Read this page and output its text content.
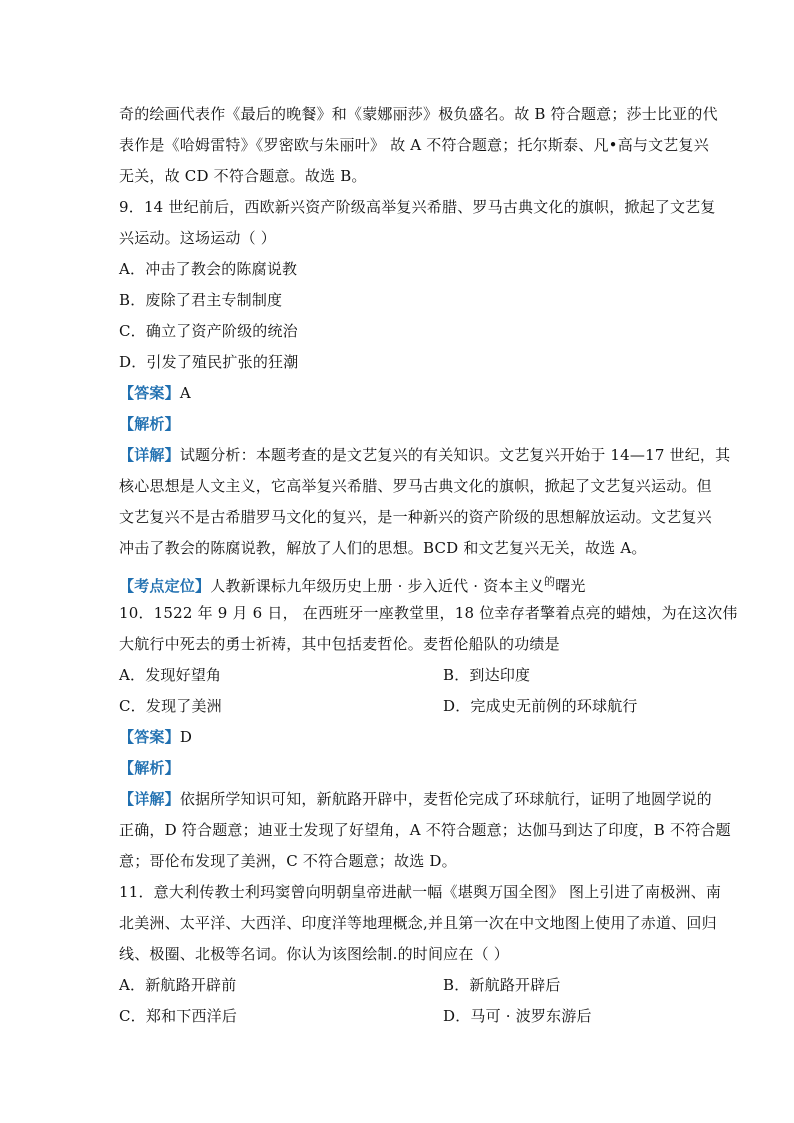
奇的绘画代表作《最后的晚餐》和《蒙娜丽莎》极负盛名。故 B 符合题意；莎士比亚的代
表作是《哈姆雷特》《罗密欧与朱丽叶》 故 A 不符合题意；托尔斯泰、凡•高与文艺复兴
无关，故 CD 不符合题意。故选 B。
9．14 世纪前后，西欧新兴资产阶级高举复兴希腊、罗马古典文化的旗帜，掀起了文艺复
兴运动。这场运动（ ）
A．冲击了教会的陈腐说教
B．废除了君主专制制度
C．确立了资产阶级的统治
D．引发了殖民扩张的狂潮
【答案】A
【解析】
【详解】试题分析：本题考查的是文艺复兴的有关知识。文艺复兴开始于 14—17 世纪，其
核心思想是人文主义，它高举复兴希腊、罗马古典文化的旗帜，掀起了文艺复兴运动。但
文艺复兴不是古希腊罗马文化的复兴，是一种新兴的资产阶级的思想解放运动。文艺复兴
冲击了教会的陈腐说教，解放了人们的思想。BCD 和文艺复兴无关，故选 A。
【考点定位】人教新课标九年级历史上册 · 步入近代 · 资本主义$^的$曙光
10．1522 年 9 月 6 日， 在西班牙一座教堂里，18 位幸存者擎着点亮的蜡烛，为在这次伟
大航行中死去的勇士祈祷，其中包括麦哲伦。麦哲伦船队的功绩是
A．发现好望角	B．到达印度
C．发现了美洲	D．完成史无前例的环球航行
【答案】D
【解析】
【详解】依据所学知识可知，新航路开辟中，麦哲伦完成了环球航行，证明了地圆学说的
正确，D 符合题意；迪亚士发现了好望角，A 不符合题意；达伽马到达了印度，B 不符合题
意；哥伦布发现了美洲，C 不符合题意；故选 D。
11．意大利传教士利玛窦曾向明朝皇帝进献一幅《堪舆万国全图》 图上引进了南极洲、南
北美洲、太平洋、大西洋、印度洋等地理概念,并且第一次在中文地图上使用了赤道、回归
线、极圈、北极等名词。你认为该图绘制.的时间应在（ ）
A．新航路开辟前	B．新航路开辟后
C．郑和下西洋后	D．马可 · 波罗东游后
